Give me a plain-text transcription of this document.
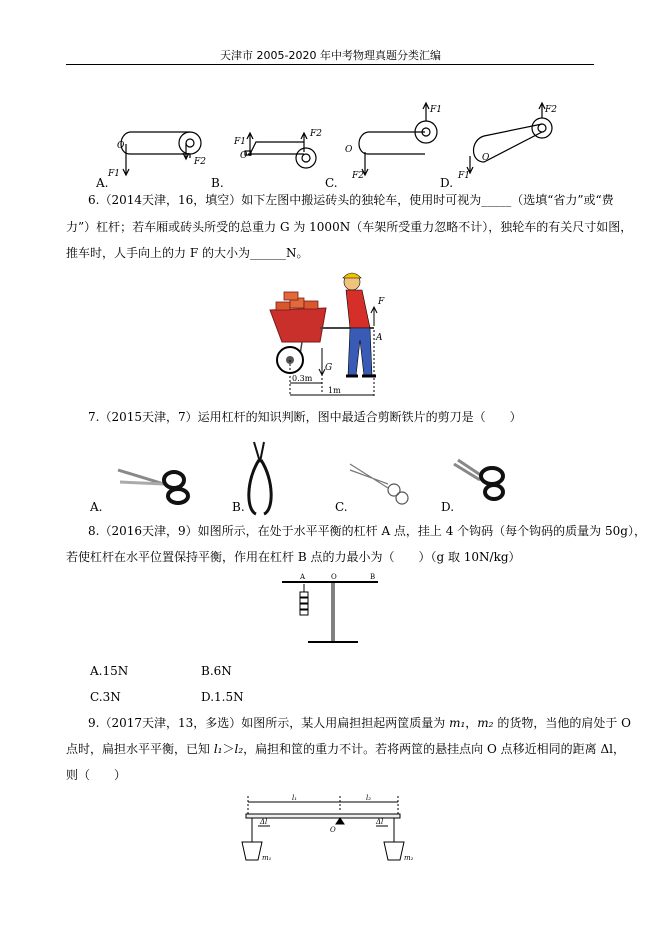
天津市 2005-2020 年中考物理真题分类汇编
F1
F2
O	F1
F2
O
F1
F2
O
F2
F1
O
A.	B.	C.	D.
6.（2014天津，16，填空）如下左图中搬运砖头的独轮车，使用时可视为_____（选填“省力”或“费
力”）杠杆；若车厢或砖头所受的总重力 G 为 1000N（车架所受重力忽略不计），独轮车的有关尺寸如图，
推车时，人手向上的力 F 的大小为______N。
F
G
A
0.3m
1m
7.（2015天津，7）运用杠杆的知识判断，图中最适合剪断铁片的剪刀是（　　）
A.	B.	C.	D.
8.（2016天津，9）如图所示，在处于水平平衡的杠杆 A 点，挂上 4 个钩码（每个钩码的质量为 50g），
若使杠杆在水平位置保持平衡，作用在杠杆 B 点的力最小为（　　）（g 取 10N/kg）
A	O	B
A.15N	B.6N
C.3N	D.1.5N
9.（2017天津，13，多选）如图所示，某人用扁担担起两筐质量为 m₁，m₂ 的货物，当他的肩处于 O
点时，扁担水平平衡，已知 l₁＞l₂，扁担和筐的重力不计。若将两筐的悬挂点向 O 点移近相同的距离 Δl，
则（　　）
l₁	l₂
O
Δl	Δl
m₁	m₂
